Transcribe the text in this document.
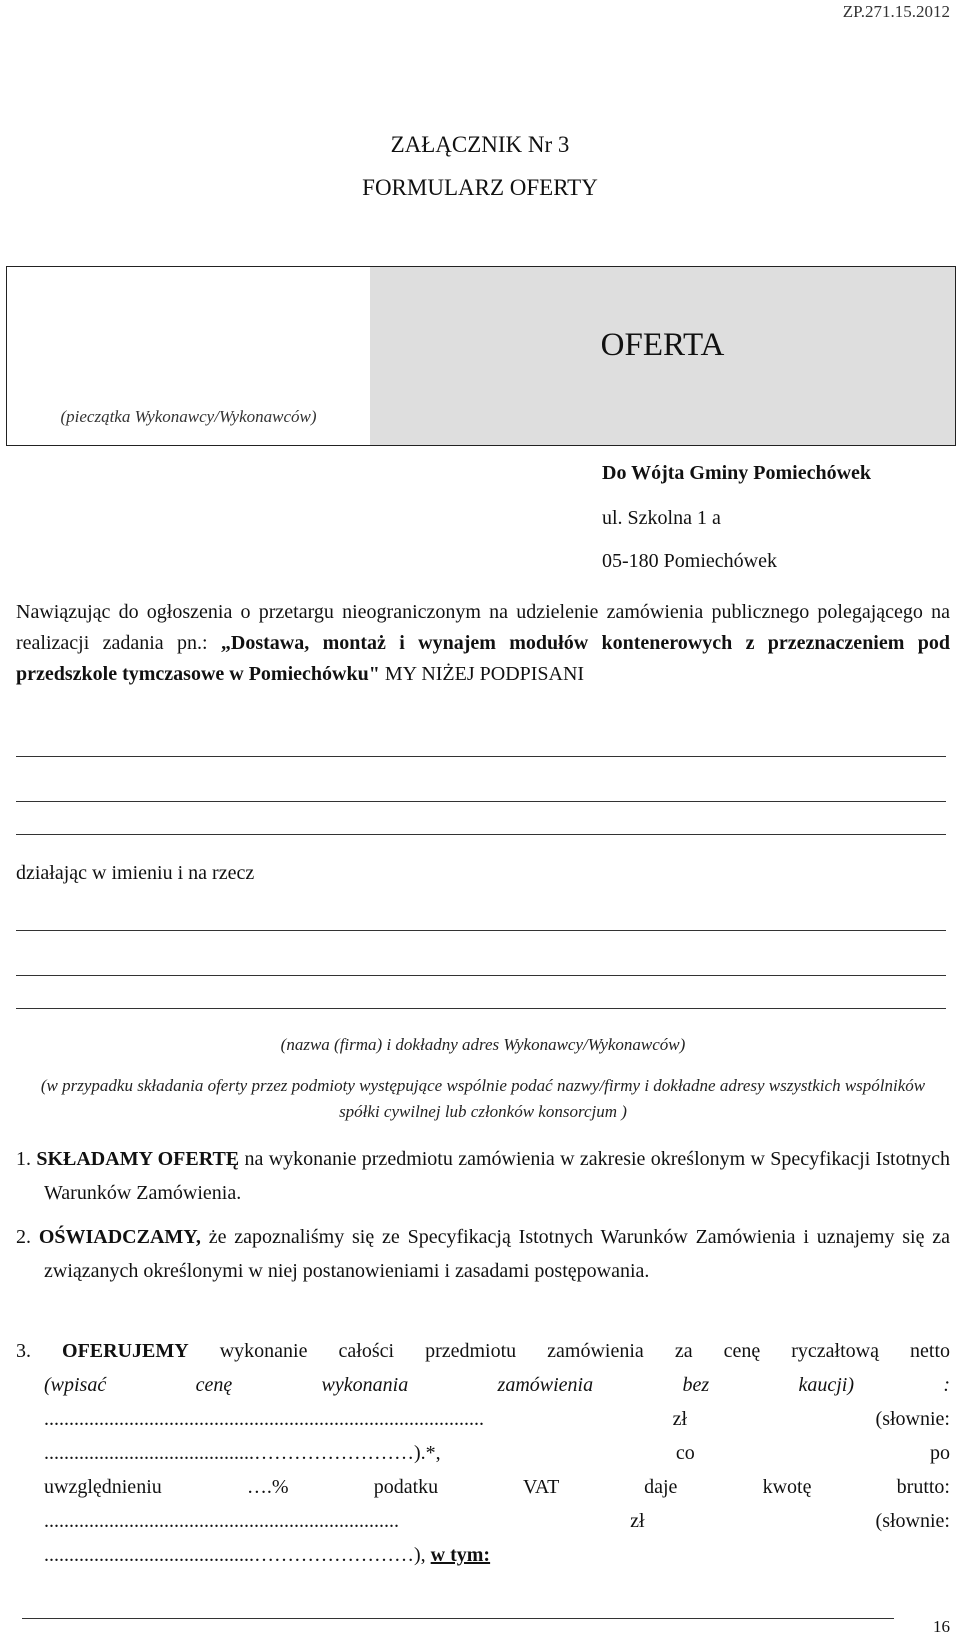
ZP.271.15.2012
ZAŁĄCZNIK Nr 3
FORMULARZ OFERTY
(pieczątka Wykonawcy/Wykonawców)
OFERTA
Do Wójta Gminy Pomiechówek
ul. Szkolna 1 a
05-180 Pomiechówek
Nawiązując do ogłoszenia o przetargu nieograniczonym na udzielenie zamówienia publicznego polegającego na realizacji zadania pn.: „Dostawa, montaż i wynajem modułów kontenerowych z przeznaczeniem pod przedszkole tymczasowe w Pomiechówku" MY NIŻEJ PODPISANI
działając w imieniu i na rzecz
(nazwa (firma) i dokładny adres Wykonawcy/Wykonawców)
(w przypadku składania oferty przez podmioty występujące wspólnie podać nazwy/firmy i dokładne adresy wszystkich wspólników spółki cywilnej lub członków konsorcjum )
1. SKŁADAMY OFERTĘ na wykonanie przedmiotu zamówienia w zakresie określonym w Specyfikacji Istotnych Warunków Zamówienia.
2. OŚWIADCZAMY, że zapoznaliśmy się ze Specyfikacją Istotnych Warunków Zamówienia i uznajemy się za związanych określonymi w niej postanowieniami i zasadami postępowania.
3. OFERUJEMY wykonanie całości przedmiotu zamówienia za cenę ryczałtową netto
(wpisać cenę wykonania zamówienia bez kaucji) :
........................................................................................ zł (słownie:
..........................................……………………).*, co po
uwzględnieniu ….% podatku VAT daje kwotę brutto:
....................................................................... zł (słownie:
..........................................……………………), w tym:
16
